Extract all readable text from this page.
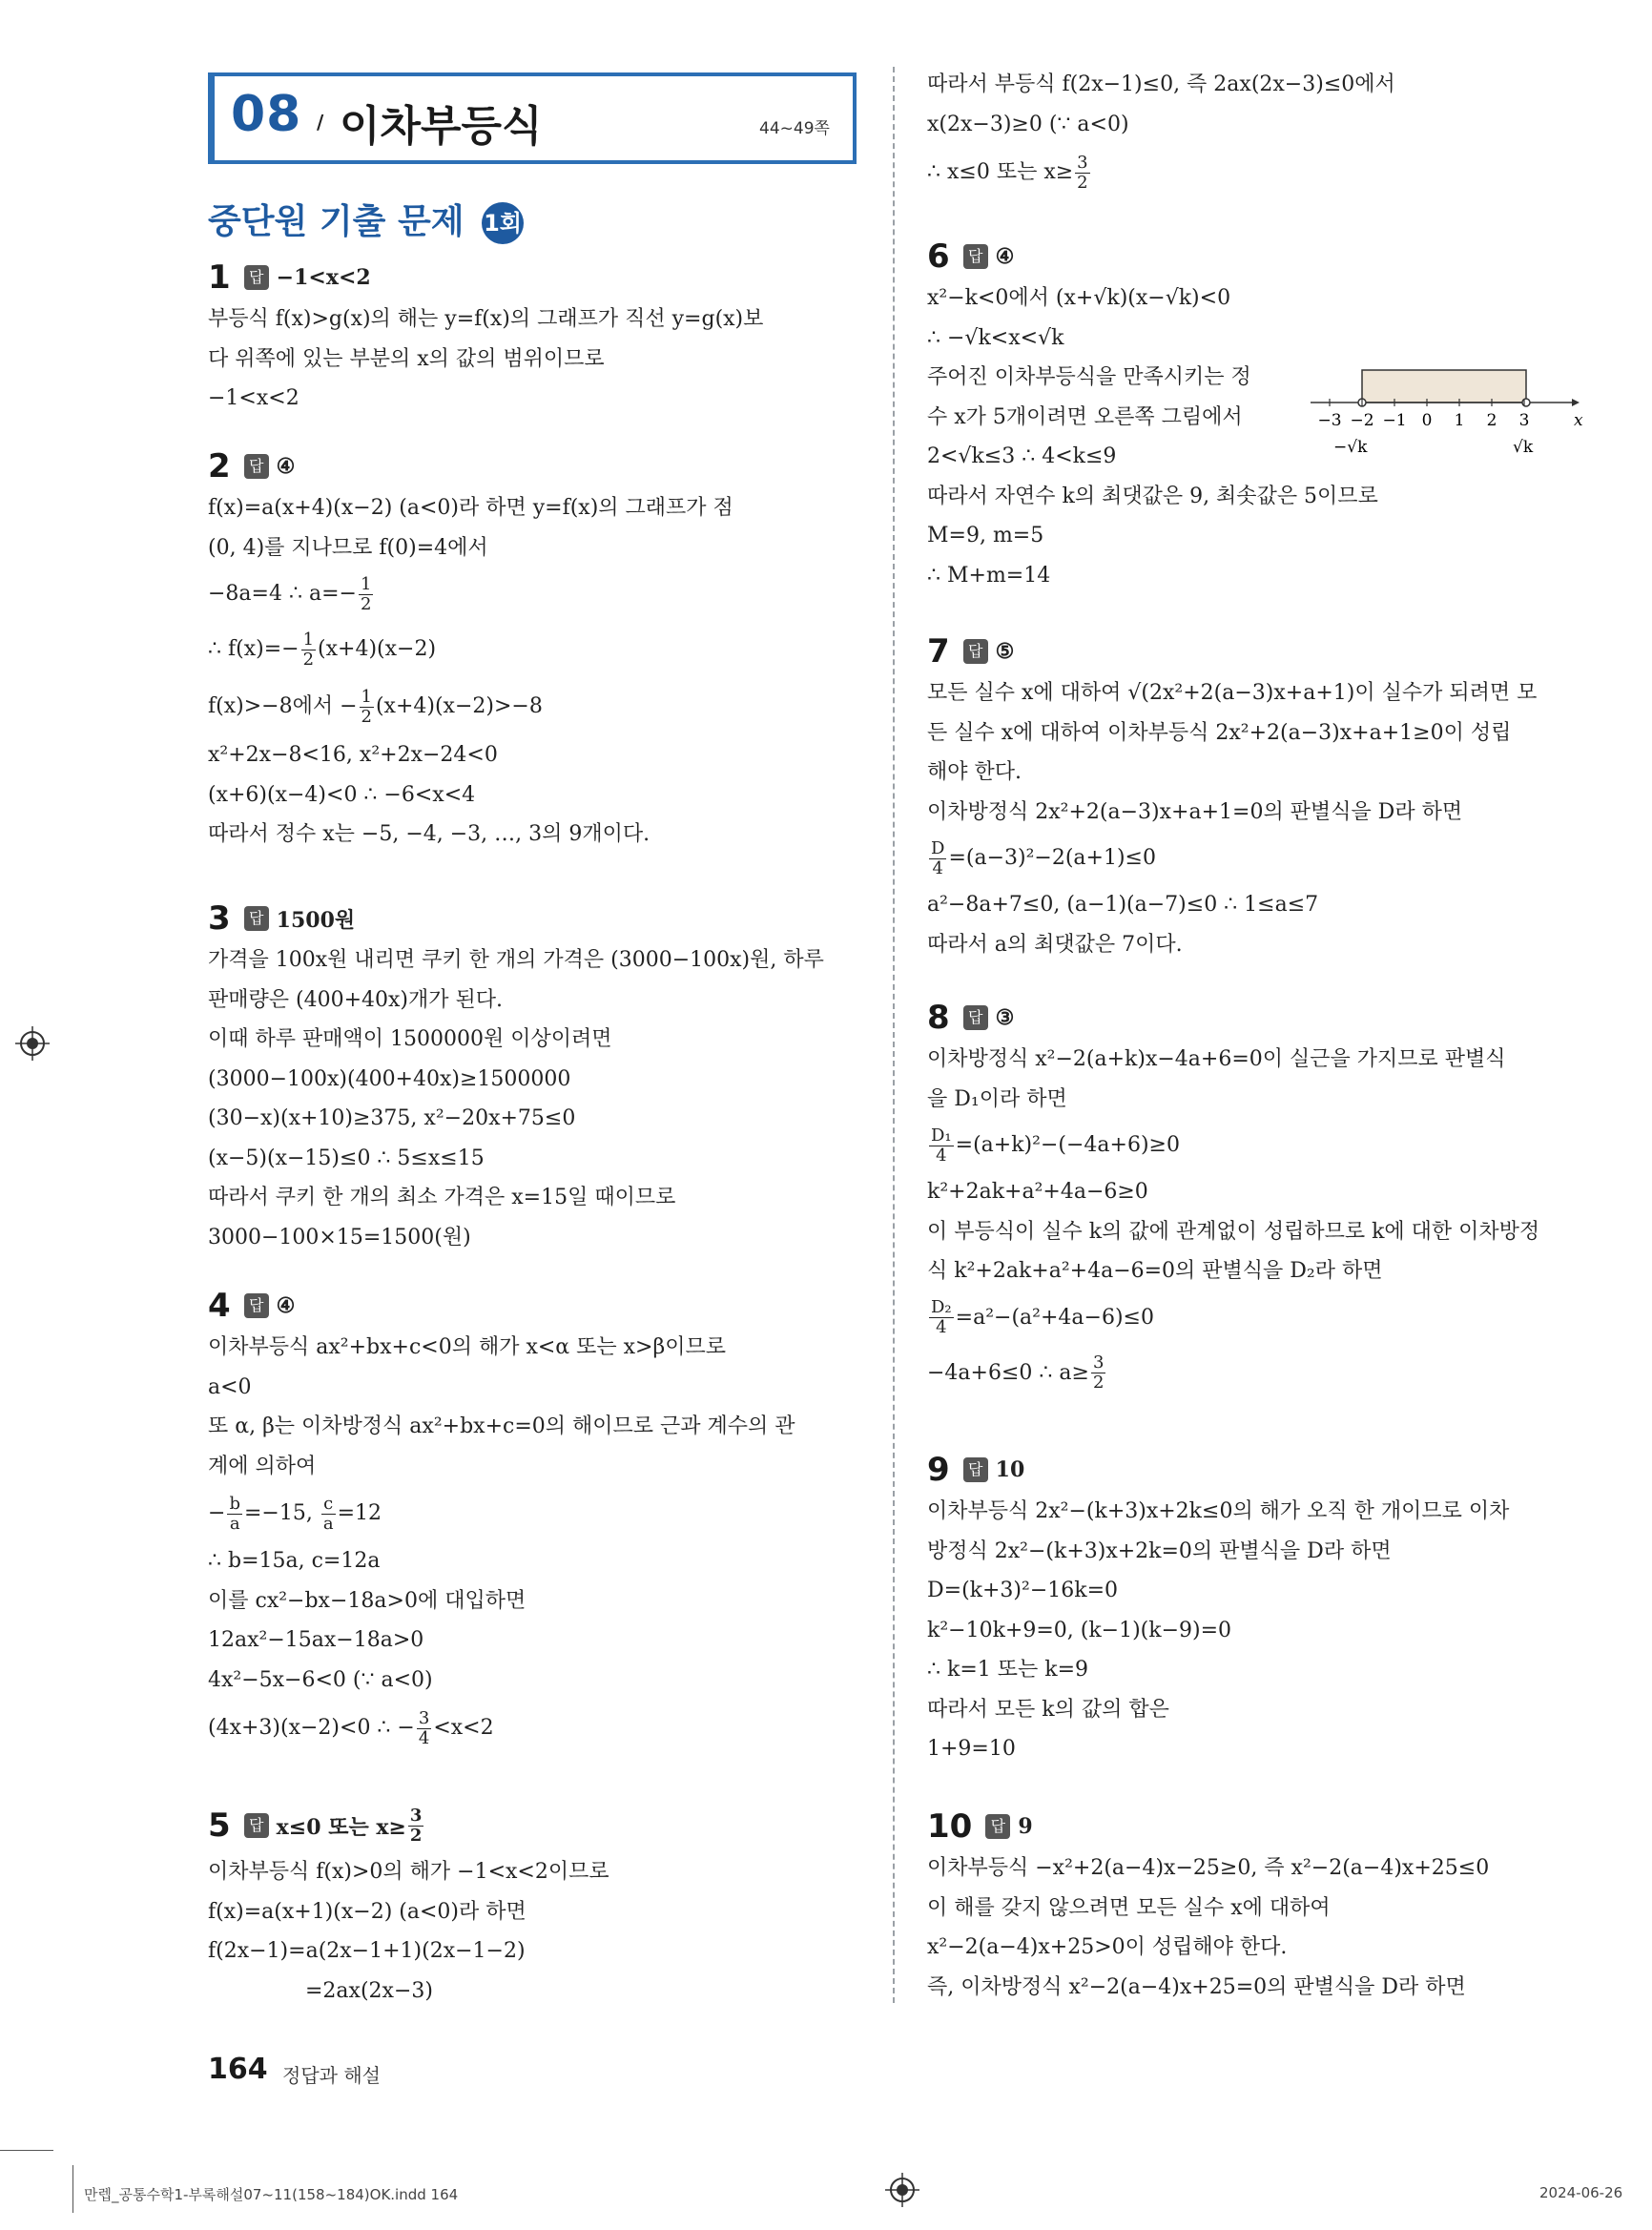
08 / 이차부등식	44~49쪽
중단원 기출 문제 1회
1	답 −1<x<2
부등식 f(x)>g(x)의 해는 y=f(x)의 그래프가 직선 y=g(x)보
다 위쪽에 있는 부분의 x의 값의 범위이므로
−1<x<2
2	답 ④
f(x)=a(x+4)(x−2) (a<0)라 하면 y=f(x)의 그래프가 점
(0, 4)를 지나므로 f(0)=4에서
−8a=4 ∴ $a=- \frac{1}{2}$
∴ $f(x)=- \frac{1}{2} (x+4)(x-2)$
f(x)>−8에서 − $\frac{1}{2} (x+4)(x-2)>-8$
x²+2x−8<16, x²+2x−24<0
(x+6)(x−4)<0 ∴ −6<x<4
따라서 정수 x는 −5, −4, −3, …, 3의 9개이다.
3	답 1500원
가격을 100x원 내리면 쿠키 한 개의 가격은 (3000−100x)원, 하루
판매량은 (400+40x)개가 된다.
이때 하루 판매액이 1500000원 이상이려면
(3000−100x)(400+40x)≥1500000
(30−x)(x+10)≥375, x²−20x+75≤0
(x−5)(x−15)≤0 ∴ 5≤x≤15
따라서 쿠키 한 개의 최소 가격은 x=15일 때이므로
3000−100×15=1500(원)
4	답 ④
이차부등식 ax²+bx+c<0의 해가 x<α 또는 x>β이므로
a<0
또 α, β는 이차방정식 ax²+bx+c=0의 해이므로 근과 계수의 관
계에 의하여
− $\frac{b}{a} =-15$, $\frac{c}{a} =12$
∴ b=15a, c=12a
이를 cx²−bx−18a>0에 대입하면
12ax²−15ax−18a>0
4x²−5x−6<0 (∵ a<0)
(4x+3)(x−2)<0 ∴ − $\frac{3}{4} <x<2$
5	답 x≤0 또는 $x\ge \frac{3}{2}$
이차부등식 f(x)>0의 해가 −1<x<2이므로
f(x)=a(x+1)(x−2) (a<0)라 하면
f(2x−1)=a(2x−1+1)(2x−1−2)
=2ax(2x−3)
따라서 부등식 f(2x−1)≤0, 즉 2ax(2x−3)≤0에서
x(2x−3)≥0 (∵ a<0)
∴ x≤0 또는 $x\ge \frac{3}{2}$
6	답 ④
x²−k<0에서 (x+√k)(x−√k)<0
∴ −√k<x<√k
주어진 이차부등식을 만족시키는 정
수 x가 5개이려면 오른쪽 그림에서
2<√k≤3 ∴ 4<k≤9
따라서 자연수 k의 최댓값은 9, 최솟값은 5이므로
M=9, m=5
∴ M+m=14
−3 −2 −1 0 1 2 3	x
−√k	√k
7	답 ⑤
모든 실수 x에 대하여 √(2x²+2(a−3)x+a+1)이 실수가 되려면 모
든 실수 x에 대하여 이차부등식 2x²+2(a−3)x+a+1≥0이 성립
해야 한다.
이차방정식 2x²+2(a−3)x+a+1=0의 판별식을 D라 하면
$\frac{D}{4} =(a-3)^2-2(a+1)\le 0$
a²−8a+7≤0, (a−1)(a−7)≤0 ∴ 1≤a≤7
따라서 a의 최댓값은 7이다.
8	답 ③
이차방정식 x²−2(a+k)x−4a+6=0이 실근을 가지므로 판별식
을 D₁이라 하면
$\frac{\text{D₁}}{4} =(a+k)^2-(-4a+6)\ge 0$
k²+2ak+a²+4a−6≥0
이 부등식이 실수 k의 값에 관계없이 성립하므로 k에 대한 이차방정
식 k²+2ak+a²+4a−6=0의 판별식을 D₂라 하면
$\frac{\text{D₂}}{4} =a^2-(a^2+4a-6)\le 0$
−4a+6≤0 ∴ $a\ge \frac{3}{2}$
9	답 10
이차부등식 2x²−(k+3)x+2k≤0의 해가 오직 한 개이므로 이차
방정식 2x²−(k+3)x+2k=0의 판별식을 D라 하면
D=(k+3)²−16k=0
k²−10k+9=0, (k−1)(k−9)=0
∴ k=1 또는 k=9
따라서 모든 k의 값의 합은
1+9=10
10	답 9
이차부등식 −x²+2(a−4)x−25≥0, 즉 x²−2(a−4)x+25≤0
이 해를 갖지 않으려면 모든 실수 x에 대하여
x²−2(a−4)x+25>0이 성립해야 한다.
즉, 이차방정식 x²−2(a−4)x+25=0의 판별식을 D라 하면
164 정답과 해설
만렙_공통수학1-부록해설07~11(158~184)OK.indd 164	2024-06-26
